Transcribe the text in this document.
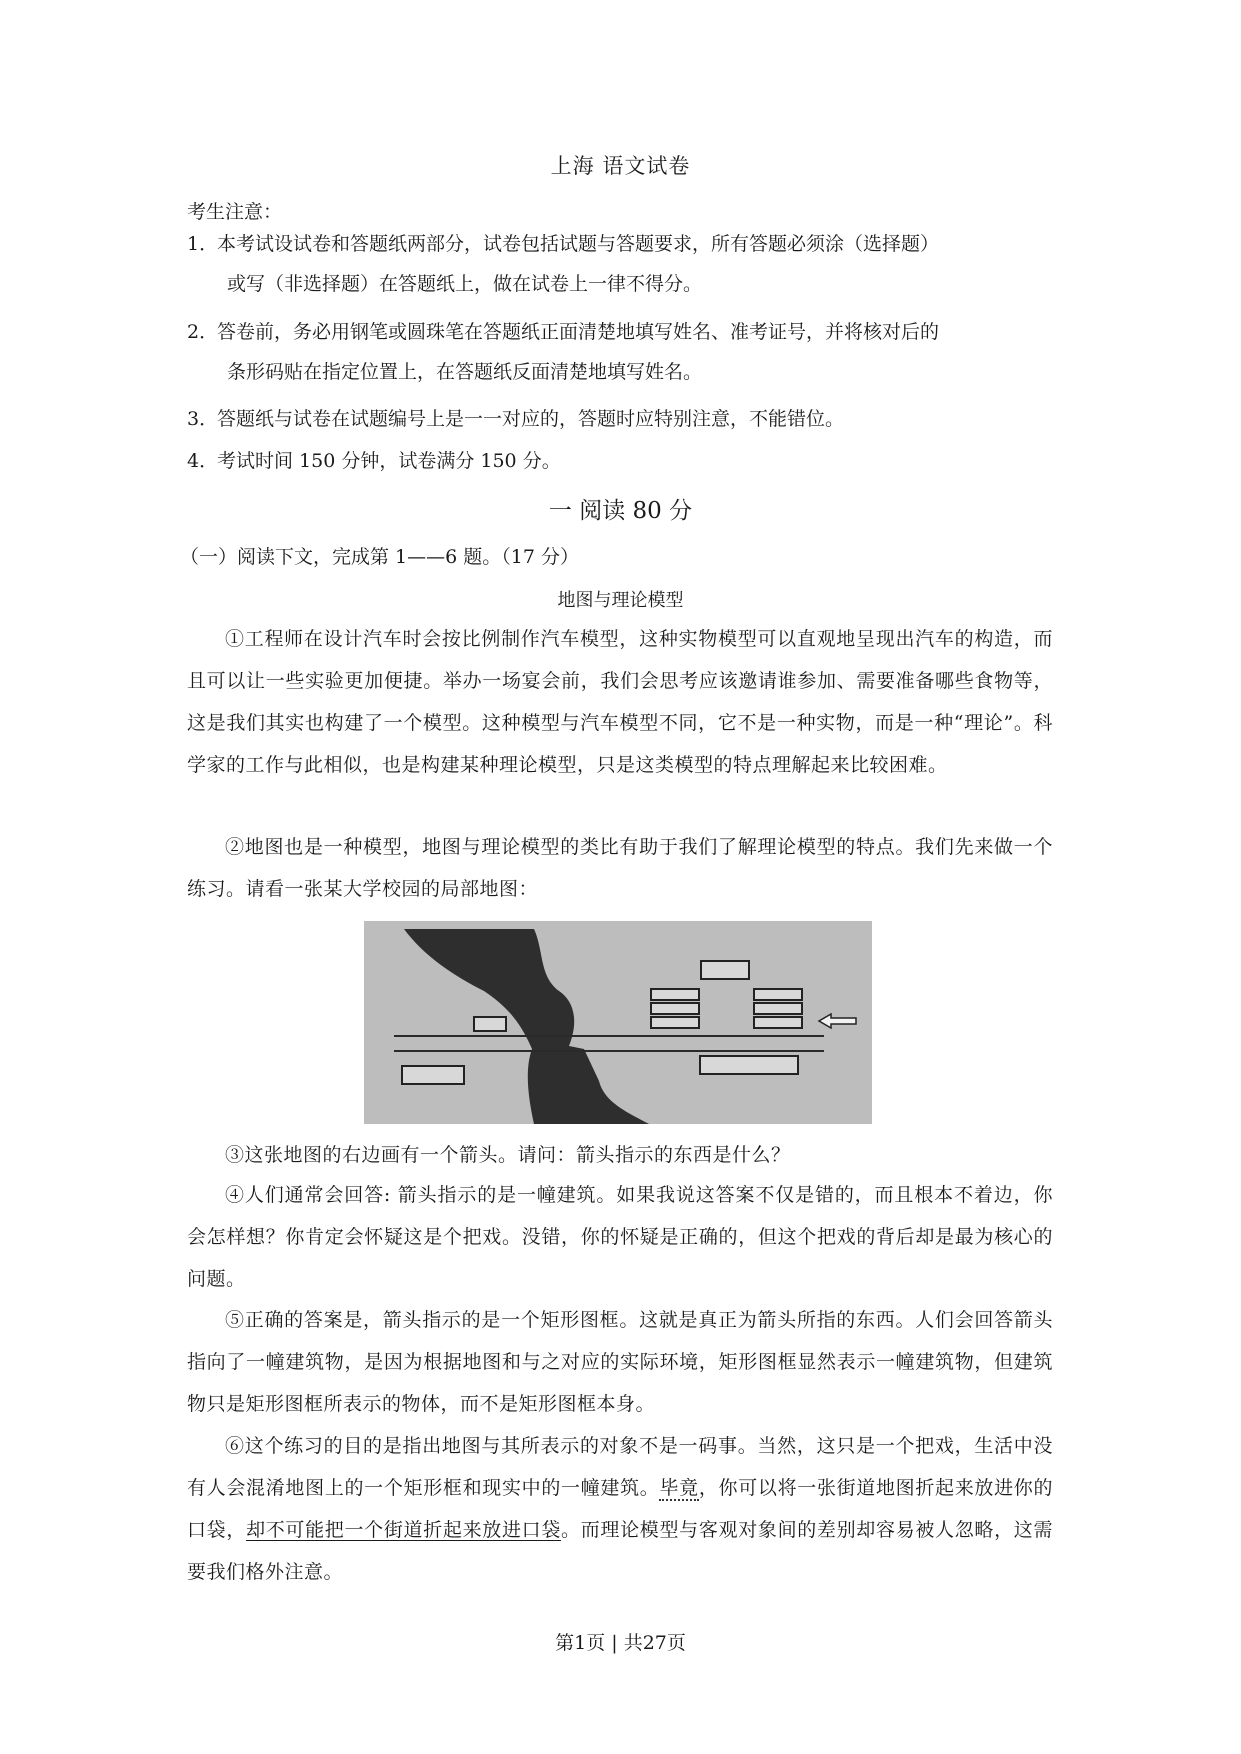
上海 语文试卷
考生注意：
1．本考试设试卷和答题纸两部分，试卷包括试题与答题要求，所有答题必须涂（选择题）
或写（非选择题）在答题纸上，做在试卷上一律不得分。
2．答卷前，务必用钢笔或圆珠笔在答题纸正面清楚地填写姓名、准考证号，并将核对后的
条形码贴在指定位置上，在答题纸反面清楚地填写姓名。
3．答题纸与试卷在试题编号上是一一对应的，答题时应特别注意，不能错位。
4．考试时间 150 分钟，试卷满分 150 分。
一 阅读 80 分
（一）阅读下文，完成第 1——6 题。（17 分）
地图与理论模型
①工程师在设计汽车时会按比例制作汽车模型，这种实物模型可以直观地呈现出汽车的构造，而且可以让一些实验更加便捷。举办一场宴会前，我们会思考应该邀请谁参加、需要准备哪些食物等，这是我们其实也构建了一个模型。这种模型与汽车模型不同，它不是一种实物，而是一种“理论”。科学家的工作与此相似，也是构建某种理论模型，只是这类模型的特点理解起来比较困难。
②地图也是一种模型，地图与理论模型的类比有助于我们了解理论模型的特点。我们先来做一个练习。请看一张某大学校园的局部地图：
③这张地图的右边画有一个箭头。请问：箭头指示的东西是什么？
④人们通常会回答: 箭头指示的是一幢建筑。如果我说这答案不仅是错的，而且根本不着边，你会怎样想？你肯定会怀疑这是个把戏。没错，你的怀疑是正确的，但这个把戏的背后却是最为核心的问题。
⑤正确的答案是，箭头指示的是一个矩形图框。这就是真正为箭头所指的东西。人们会回答箭头指向了一幢建筑物，是因为根据地图和与之对应的实际环境，矩形图框显然表示一幢建筑物，但建筑物只是矩形图框所表示的物体，而不是矩形图框本身。
⑥这个练习的目的是指出地图与其所表示的对象不是一码事。当然，这只是一个把戏，生活中没有人会混淆地图上的一个矩形框和现实中的一幢建筑。毕竟，你可以将一张街道地图折起来放进你的口袋，却不可能把一个街道折起来放进口袋。而理论模型与客观对象间的差别却容易被人忽略，这需要我们格外注意。
第1页 | 共27页
